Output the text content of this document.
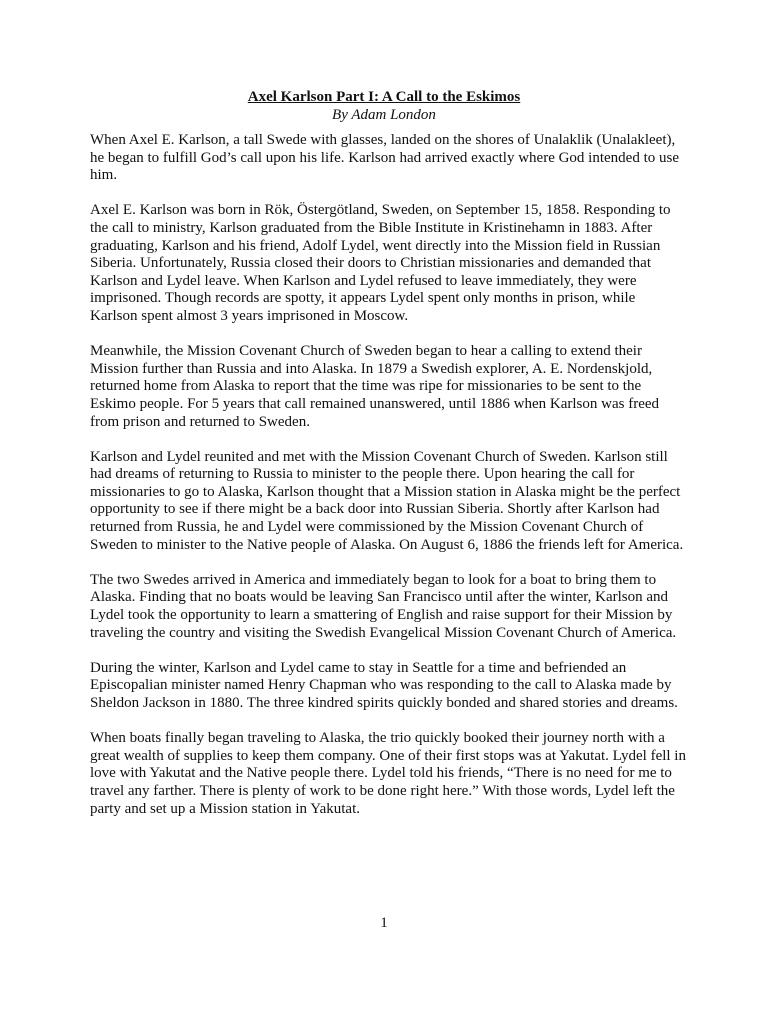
Axel Karlson Part I: A Call to the Eskimos
By Adam London

When Axel E. Karlson, a tall Swede with glasses, landed on the shores of Unalaklik (Unalakleet), he began to fulfill God’s call upon his life. Karlson had arrived exactly where God intended to use him.

Axel E. Karlson was born in Rök, Östergötland, Sweden, on September 15, 1858. Responding to the call to ministry, Karlson graduated from the Bible Institute in Kristinehamn in 1883. After graduating, Karlson and his friend, Adolf Lydel, went directly into the Mission field in Russian Siberia. Unfortunately, Russia closed their doors to Christian missionaries and demanded that Karlson and Lydel leave. When Karlson and Lydel refused to leave immediately, they were imprisoned. Though records are spotty, it appears Lydel spent only months in prison, while Karlson spent almost 3 years imprisoned in Moscow.

Meanwhile, the Mission Covenant Church of Sweden began to hear a calling to extend their Mission further than Russia and into Alaska. In 1879 a Swedish explorer, A. E. Nordenskjold, returned home from Alaska to report that the time was ripe for missionaries to be sent to the Eskimo people. For 5 years that call remained unanswered, until 1886 when Karlson was freed from prison and returned to Sweden.

Karlson and Lydel reunited and met with the Mission Covenant Church of Sweden. Karlson still had dreams of returning to Russia to minister to the people there. Upon hearing the call for missionaries to go to Alaska, Karlson thought that a Mission station in Alaska might be the perfect opportunity to see if there might be a back door into Russian Siberia. Shortly after Karlson had returned from Russia, he and Lydel were commissioned by the Mission Covenant Church of Sweden to minister to the Native people of Alaska. On August 6, 1886 the friends left for America.

The two Swedes arrived in America and immediately began to look for a boat to bring them to Alaska. Finding that no boats would be leaving San Francisco until after the winter, Karlson and Lydel took the opportunity to learn a smattering of English and raise support for their Mission by traveling the country and visiting the Swedish Evangelical Mission Covenant Church of America.

During the winter, Karlson and Lydel came to stay in Seattle for a time and befriended an Episcopalian minister named Henry Chapman who was responding to the call to Alaska made by Sheldon Jackson in 1880. The three kindred spirits quickly bonded and shared stories and dreams.

When boats finally began traveling to Alaska, the trio quickly booked their journey north with a great wealth of supplies to keep them company. One of their first stops was at Yakutat. Lydel fell in love with Yakutat and the Native people there. Lydel told his friends, “There is no need for me to travel any farther. There is plenty of work to be done right here.” With those words, Lydel left the party and set up a Mission station in Yakutat.

1
